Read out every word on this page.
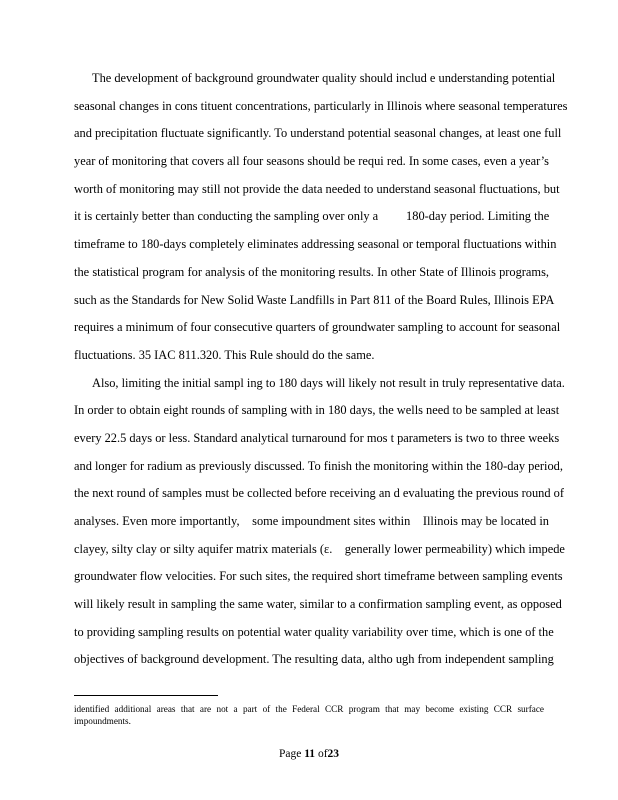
The development of background groundwater quality should includ e understanding potential
seasonal changes in cons tituent concentrations, particularly in Illinois where seasonal temperatures
and precipitation fluctuate significantly. To understand potential seasonal changes, at least one full
year of monitoring that covers all four seasons should be requi red. In some cases, even a year’s
worth of monitoring may still not provide the data needed to understand seasonal fluctuations, but
it is certainly better than conducting the sampling over only a         180-day period. Limiting the
timeframe to 180-days completely eliminates addressing seasonal or temporal fluctuations within
the statistical program for analysis of the monitoring results. In other State of Illinois programs,
such as the Standards for New Solid Waste Landfills in Part 811 of the Board Rules, Illinois EPA
requires a minimum of four consecutive quarters of groundwater sampling to account for seasonal
fluctuations. 35 IAC 811.320. This Rule should do the same.
Also, limiting the initial sampl ing to 180 days will likely not result in truly representative data.
In order to obtain eight rounds of sampling with in 180 days, the wells need to be sampled at least
every 22.5 days or less. Standard analytical turnaround for mos t parameters is two to three weeks
and longer for radium as previously discussed. To finish the monitoring within the 180-day period,
the next round of samples must be collected before receiving an d evaluating the previous round of
analyses. Even more importantly,    some impoundment sites within    Illinois may be located in
clayey, silty clay or silty aquifer matrix materials (ε.    generally lower permeability) which impede
groundwater flow velocities. For such sites, the required short timeframe between sampling events
will likely result in sampling the same water, similar to a confirmation sampling event, as opposed
to providing sampling results on potential water quality variability over time, which is one of the
objectives of background development. The resulting data, altho ugh from independent sampling
identified additional areas that are not a part of the Federal CCR program that may become existing CCR surface impoundments.
Page 11 of23
